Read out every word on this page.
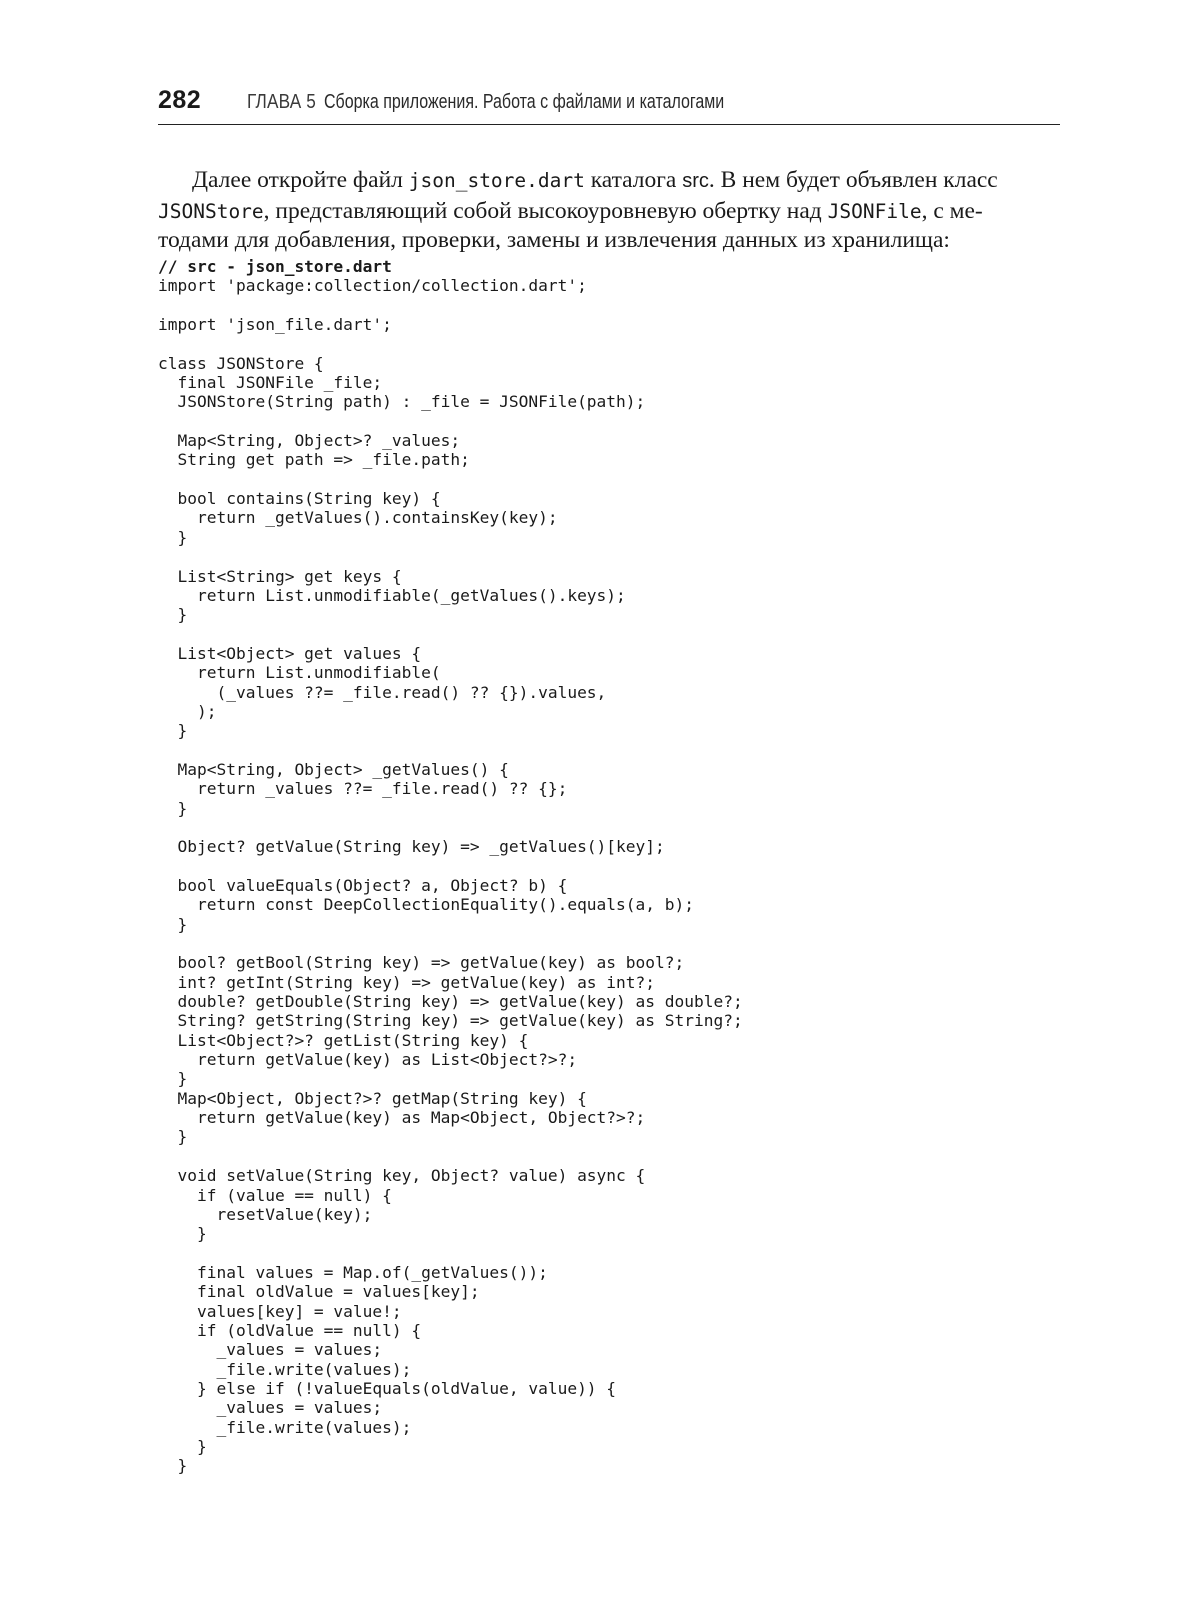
282 ГЛАВА 5 Сборка приложения. Работа с файлами и каталогами
Далее откройте файл json_store.dart каталога src. В нем будет объявлен класс
JSONStore, представляющий собой высокоуровневую обертку над JSONFile, с ме-
тодами для добавления, проверки, замены и извлечения данных из хранилища:
// src - json_store.dart
import 'package:collection/collection.dart';
import 'json_file.dart';
class JSONStore {
final JSONFile _file;
JSONStore(String path) : _file = JSONFile(path);
Map<String, Object>? _values;
String get path => _file.path;
bool contains(String key) {
return _getValues().containsKey(key);
}
List<String> get keys {
return List.unmodifiable(_getValues().keys);
}
List<Object> get values {
return List.unmodifiable(
(_values ??= _file.read() ?? {}).values,
);
}
Map<String, Object> _getValues() {
return _values ??= _file.read() ?? {};
}
Object? getValue(String key) => _getValues()[key];
bool valueEquals(Object? a, Object? b) {
return const DeepCollectionEquality().equals(a, b);
}
bool? getBool(String key) => getValue(key) as bool?;
int? getInt(String key) => getValue(key) as int?;
double? getDouble(String key) => getValue(key) as double?;
String? getString(String key) => getValue(key) as String?;
List<Object?>? getList(String key) {
return getValue(key) as List<Object?>?;
}
Map<Object, Object?>? getMap(String key) {
return getValue(key) as Map<Object, Object?>?;
}
void setValue(String key, Object? value) async {
if (value == null) {
resetValue(key);
}
final values = Map.of(_getValues());
final oldValue = values[key];
values[key] = value!;
if (oldValue == null) {
_values = values;
_file.write(values);
} else if (!valueEquals(oldValue, value)) {
_values = values;
_file.write(values);
}
}
